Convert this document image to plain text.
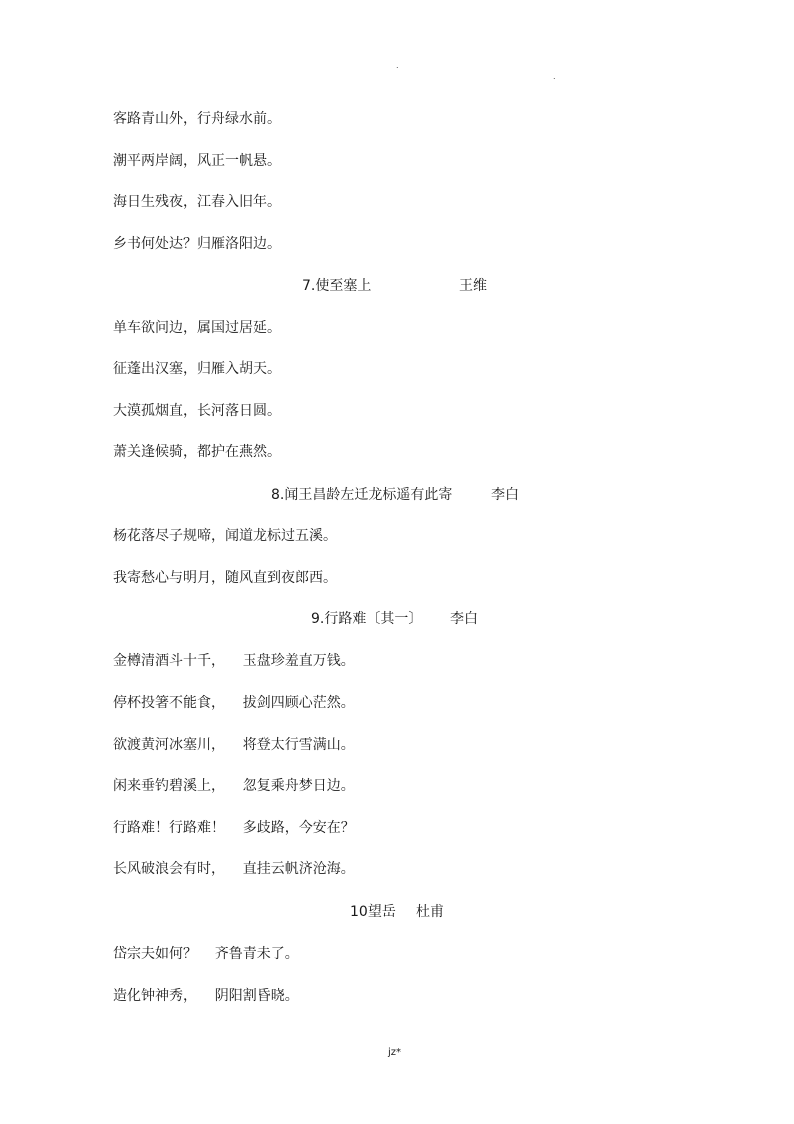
.
.
客路青山外，行舟绿水前。
潮平两岸阔，风正一帆悬。
海日生残夜，江春入旧年。
乡书何处达？归雁洛阳边。
7.使至塞上	王维
单车欲问边，属国过居延。
征蓬出汉塞，归雁入胡天。
大漠孤烟直，长河落日圆。
萧关逢候骑，都护在燕然。
8.闻王昌龄左迁龙标遥有此寄	李白
杨花落尽子规啼，闻道龙标过五溪。
我寄愁心与明月，随风直到夜郎西。
9.行路难〔其一〕 李白
金樽清酒斗十千，    玉盘珍羞直万钱。
停杯投箸不能食，    拔剑四顾心茫然。
欲渡黄河冰塞川，    将登太行雪满山。
闲来垂钓碧溪上，    忽复乘舟梦日边。
行路难！行路难！    多歧路，今安在？
长风破浪会有时，    直挂云帆济沧海。
10望岳 杜甫
岱宗夫如何？    齐鲁青未了。
造化钟神秀，    阴阳割昏晓。
jz*
